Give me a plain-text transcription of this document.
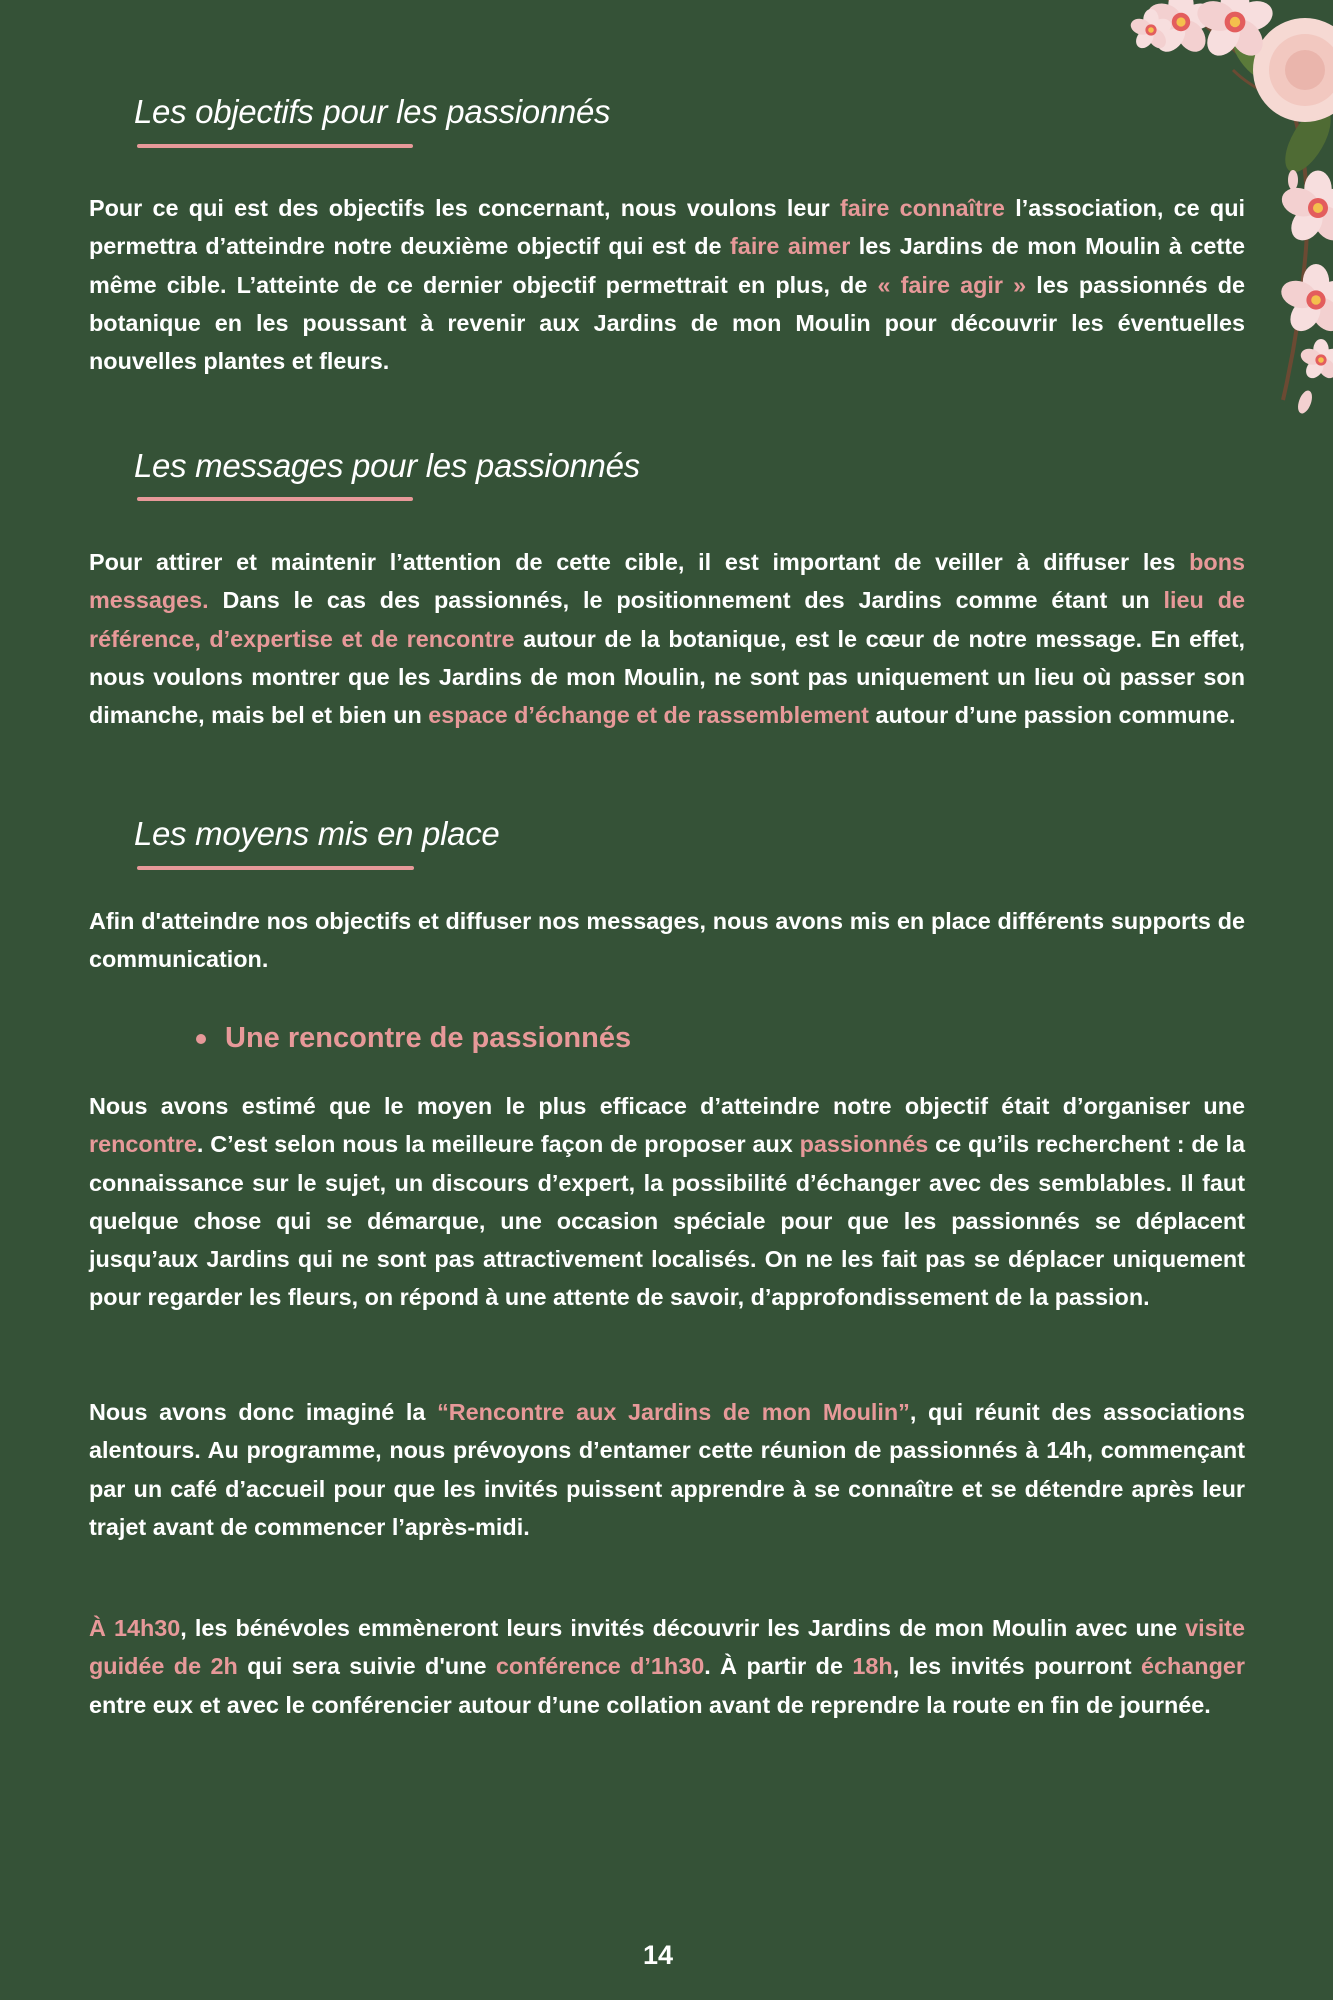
Les objectifs pour les passionnés

Pour ce qui est des objectifs les concernant, nous voulons leur faire connaître l’association, ce qui permettra d’atteindre notre deuxième objectif qui est de faire aimer les Jardins de mon Moulin à cette même cible. L’atteinte de ce dernier objectif permettrait en plus, de « faire agir » les passionnés de botanique en les poussant à revenir aux Jardins de mon Moulin pour découvrir les éventuelles nouvelles plantes et fleurs.

Les messages pour les passionnés

Pour attirer et maintenir l’attention de cette cible, il est important de veiller à diffuser les bons messages. Dans le cas des passionnés, le positionnement des Jardins comme étant un lieu de référence, d’expertise et de rencontre autour de la botanique, est le cœur de notre message. En effet, nous voulons montrer que les Jardins de mon Moulin, ne sont pas uniquement un lieu où passer son dimanche, mais bel et bien un espace d’échange et de rassemblement autour d’une passion commune.

Les moyens mis en place

Afin d'atteindre nos objectifs et diffuser nos messages, nous avons mis en place différents supports de communication.

Une rencontre de passionnés

Nous avons estimé que le moyen le plus efficace d’atteindre notre objectif était d’organiser une rencontre. C’est selon nous la meilleure façon de proposer aux passionnés ce qu’ils recherchent : de la connaissance sur le sujet, un discours d’expert, la possibilité d’échanger avec des semblables. Il faut quelque chose qui se démarque, une occasion spéciale pour que les passionnés se déplacent jusqu’aux Jardins qui ne sont pas attractivement localisés. On ne les fait pas se déplacer uniquement pour regarder les fleurs, on répond à une attente de savoir, d’approfondissement de la passion.

Nous avons donc imaginé la “Rencontre aux Jardins de mon Moulin”, qui réunit des associations alentours. Au programme, nous prévoyons d’entamer cette réunion de passionnés à 14h, commençant par un café d’accueil pour que les invités puissent apprendre à se connaître et se détendre après leur trajet avant de commencer l’après-midi.

À 14h30, les bénévoles emmèneront leurs invités découvrir les Jardins de mon Moulin avec une visite guidée de 2h qui sera suivie d'une conférence d’1h30. À partir de 18h, les invités pourront échanger entre eux et avec le conférencier autour d’une collation avant de reprendre la route en fin de journée.

14
